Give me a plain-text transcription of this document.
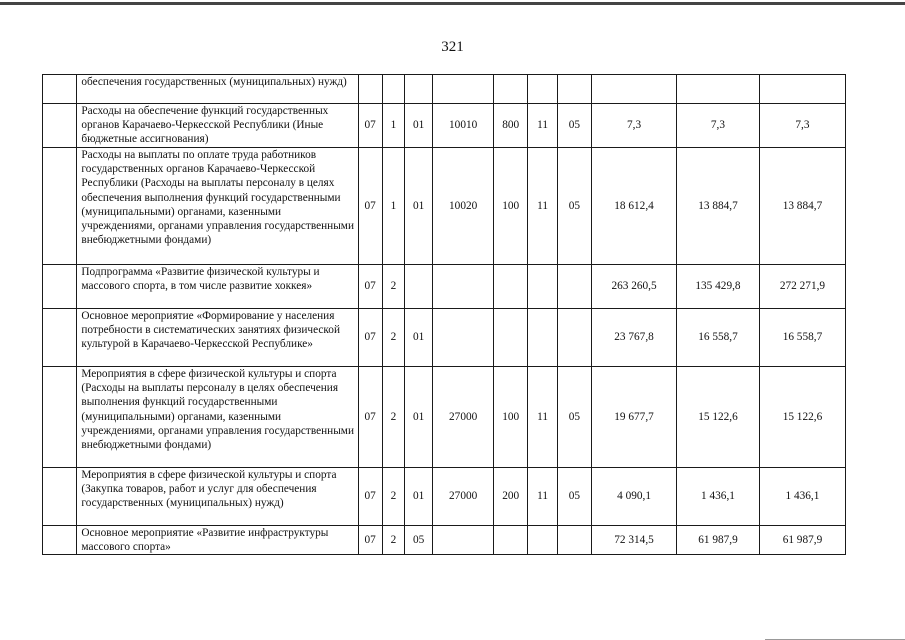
321
	обеспечения государственных (муниципальных) нужд)										
	Расходы на обеспечение функций государственных органов Карачаево-Черкесской Республики (Иные бюджетные ассигнования)	07	1	01	10010	800	11	05	7,3	7,3	7,3
	Расходы на выплаты по оплате труда работников государственных органов Карачаево-Черкесской Республики (Расходы на выплаты персоналу в целях обеспечения выполнения функций государственными (муниципальными) органами, казенными учреждениями, органами управления государственными внебюджетными фондами)	07	1	01	10020	100	11	05	18 612,4	13 884,7	13 884,7
	Подпрограмма «Развитие физической культуры и массового спорта, в том числе развитие хоккея»	07	2						263 260,5	135 429,8	272 271,9
	Основное мероприятие «Формирование у населения потребности в систематических занятиях физической культурой в Карачаево-Черкесской Республике»	07	2	01					23 767,8	16 558,7	16 558,7
	Мероприятия в сфере физической культуры и спорта (Расходы на выплаты персоналу в целях обеспечения выполнения функций государственными (муниципальными) органами, казенными учреждениями, органами управления государственными внебюджетными фондами)	07	2	01	27000	100	11	05	19 677,7	15 122,6	15 122,6
	Мероприятия в сфере физической культуры и спорта (Закупка товаров, работ и услуг для обеспечения государственных (муниципальных) нужд)	07	2	01	27000	200	11	05	4 090,1	1 436,1	1 436,1
	Основное мероприятие «Развитие инфраструктуры массового спорта»	07	2	05					72 314,5	61 987,9	61 987,9
